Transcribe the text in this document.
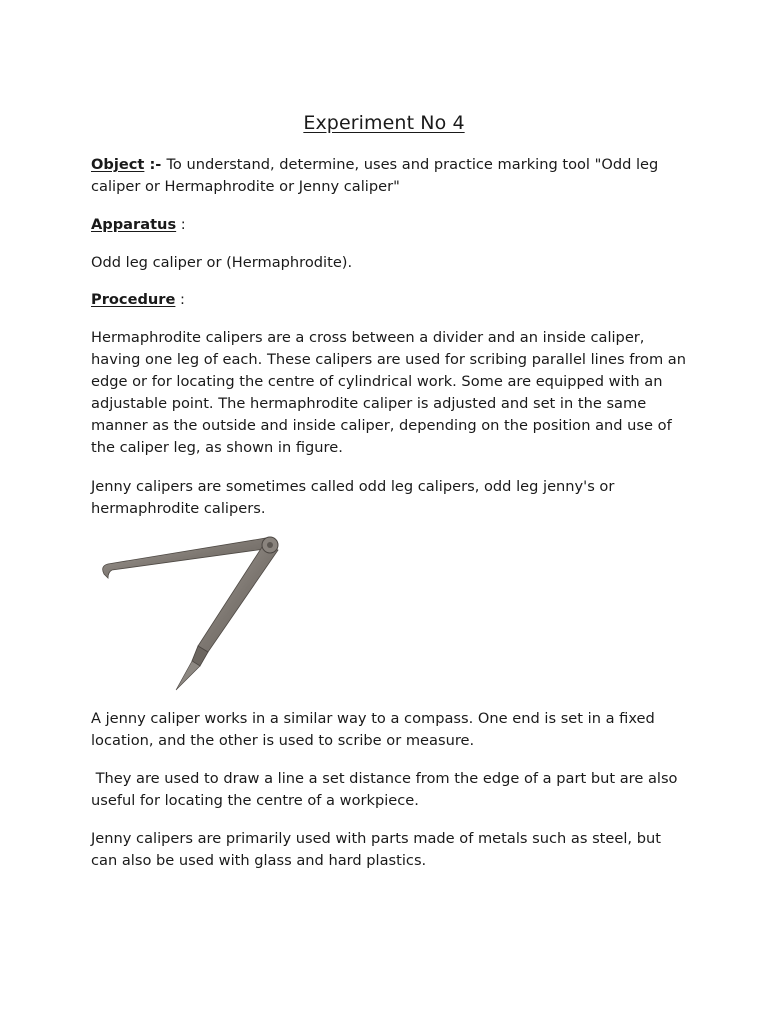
Experiment No 4

Object :- To understand, determine, uses and practice marking tool "Odd leg caliper or Hermaphrodite or Jenny caliper"

Apparatus :

Odd leg caliper or (Hermaphrodite).

Procedure :

Hermaphrodite calipers are a cross between a divider and an inside caliper, having one leg of each. These calipers are used for scribing parallel lines from an edge or for locating the centre of cylindrical work. Some are equipped with an adjustable point. The hermaphrodite caliper is adjusted and set in the same manner as the outside and inside caliper, depending on the position and use of the caliper leg, as shown in figure.

Jenny calipers are sometimes called odd leg calipers, odd leg jenny's or hermaphrodite calipers.

A jenny caliper works in a similar way to a compass. One end is set in a fixed location, and the other is used to scribe or measure.

They are used to draw a line a set distance from the edge of a part but are also useful for locating the centre of a workpiece.

Jenny calipers are primarily used with parts made of metals such as steel, but can also be used with glass and hard plastics.
